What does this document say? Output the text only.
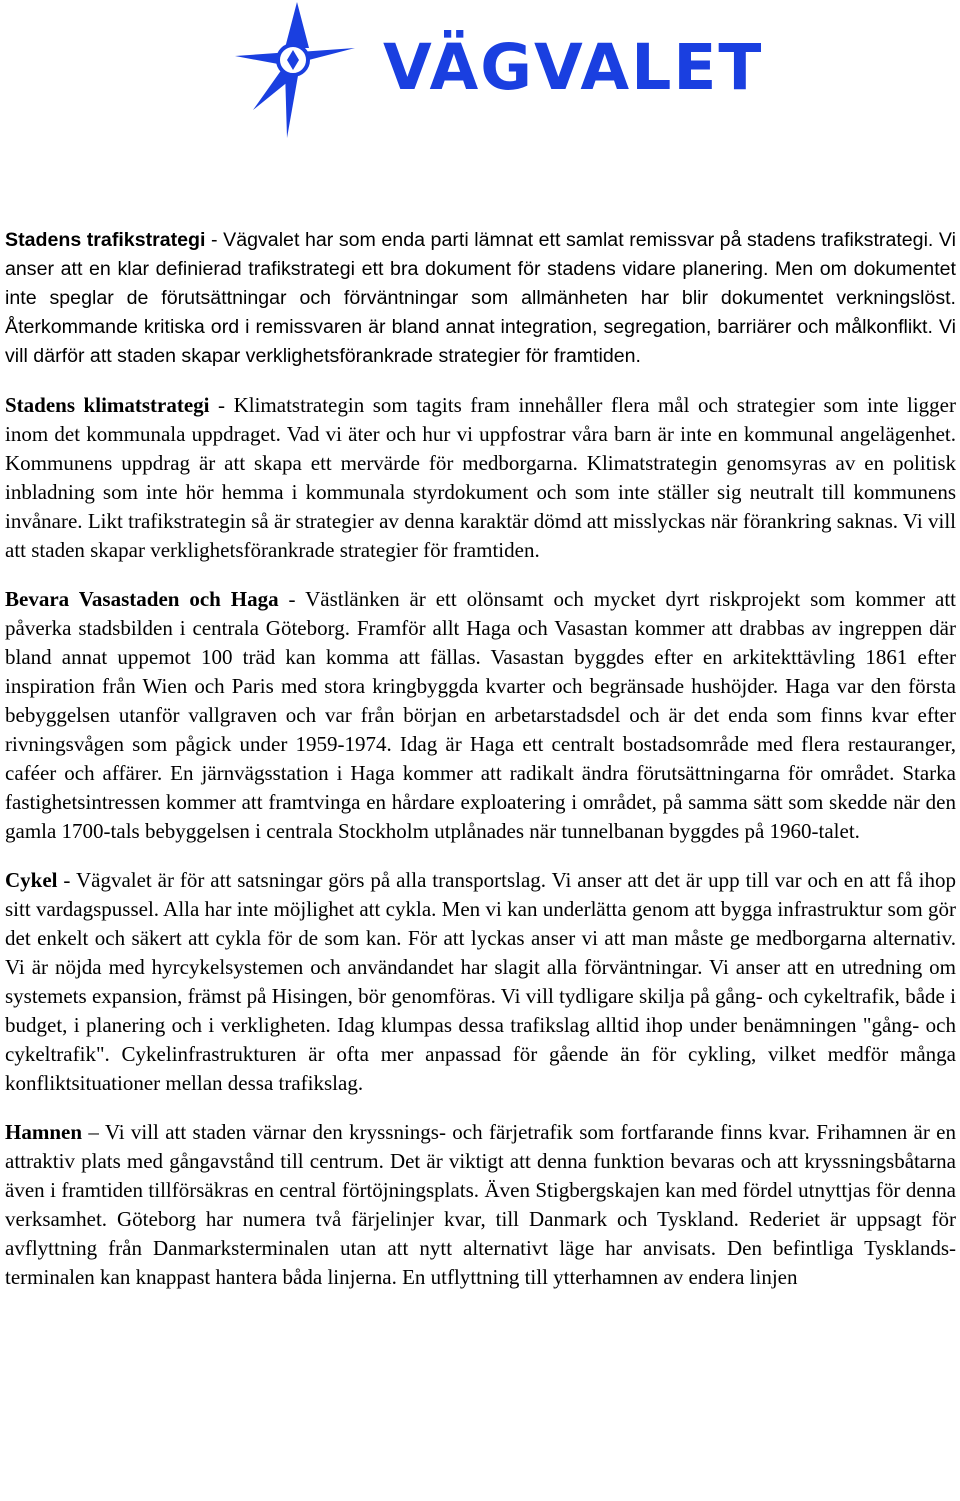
VÄGVALET

Stadens trafikstrategi - Vägvalet har som enda parti lämnat ett samlat remissvar på stadens trafikstrategi. Vi anser att en klar definierad trafikstrategi ett bra dokument för stadens vidare planering. Men om dokumentet inte speglar de förutsättningar och förväntningar som allmänheten har blir dokumentet verkningslöst. Återkommande kritiska ord i remissvaren är bland annat integration, segregation, barriärer och målkonflikt. Vi vill därför att staden skapar verklighetsförankrade strategier för framtiden.

Stadens klimatstrategi - Klimatstrategin som tagits fram innehåller flera mål och strategier som inte ligger inom det kommunala uppdraget. Vad vi äter och hur vi uppfostrar våra barn är inte en kommunal angelägenhet. Kommunens uppdrag är att skapa ett mervärde för medborgarna. Klimatstrategin genomsyras av en politisk inbladning som inte hör hemma i kommunala styrdokument och som inte ställer sig neutralt till kommunens invånare. Likt trafikstrategin så är strategier av denna karaktär dömd att misslyckas när förankring saknas. Vi vill att staden skapar verklighetsförankrade strategier för framtiden.

Bevara Vasastaden och Haga - Västlänken är ett olönsamt och mycket dyrt riskprojekt som kommer att påverka stadsbilden i centrala Göteborg. Framför allt Haga och Vasastan kommer att drabbas av ingreppen där bland annat uppemot 100 träd kan komma att fällas. Vasastan byggdes efter en arkitekttävling 1861 efter inspiration från Wien och Paris med stora kringbyggda kvarter och begränsade hushöjder. Haga var den första bebyggelsen utanför vallgraven och var från början en arbetarstadsdel och är det enda som finns kvar efter rivningsvågen som pågick under 1959-1974. Idag är Haga ett centralt bostadsområde med flera restauranger, caféer och affärer. En järnvägsstation i Haga kommer att radikalt ändra förutsättningarna för området. Starka fastighetsintressen kommer att framtvinga en hårdare exploatering i området, på samma sätt som skedde när den gamla 1700-tals bebyggelsen i centrala Stockholm utplånades när tunnelbanan byggdes på 1960-talet.

Cykel - Vägvalet är för att satsningar görs på alla transportslag. Vi anser att det är upp till var och en att få ihop sitt vardagspussel. Alla har inte möjlighet att cykla. Men vi kan underlätta genom att bygga infrastruktur som gör det enkelt och säkert att cykla för de som kan. För att lyckas anser vi att man måste ge medborgarna alternativ. Vi är nöjda med hyrcykelsystemen och användandet har slagit alla förväntningar. Vi anser att en utredning om systemets expansion, främst på Hisingen, bör genomföras. Vi vill tydligare skilja på gång- och cykeltrafik, både i budget, i planering och i verkligheten. Idag klumpas dessa trafikslag alltid ihop under benämningen "gång- och cykeltrafik". Cykelinfrastrukturen är ofta mer anpassad för gående än för cykling, vilket medför många konfliktsituationer mellan dessa trafikslag.

Hamnen – Vi vill att staden värnar den kryssnings- och färjetrafik som fortfarande finns kvar. Frihamnen är en attraktiv plats med gångavstånd till centrum. Det är viktigt att denna funktion bevaras och att kryssningsbåtarna även i framtiden tillförsäkras en central förtöjningsplats. Även Stigbergskajen kan med fördel utnyttjas för denna verksamhet. Göteborg har numera två färjelinjer kvar, till Danmark och Tyskland. Rederiet är uppsagt för avflyttning från Danmarksterminalen utan att nytt alternativt läge har anvisats. Den befintliga Tysklands-terminalen kan knappast hantera båda linjerna. En utflyttning till ytterhamnen av endera linjen
